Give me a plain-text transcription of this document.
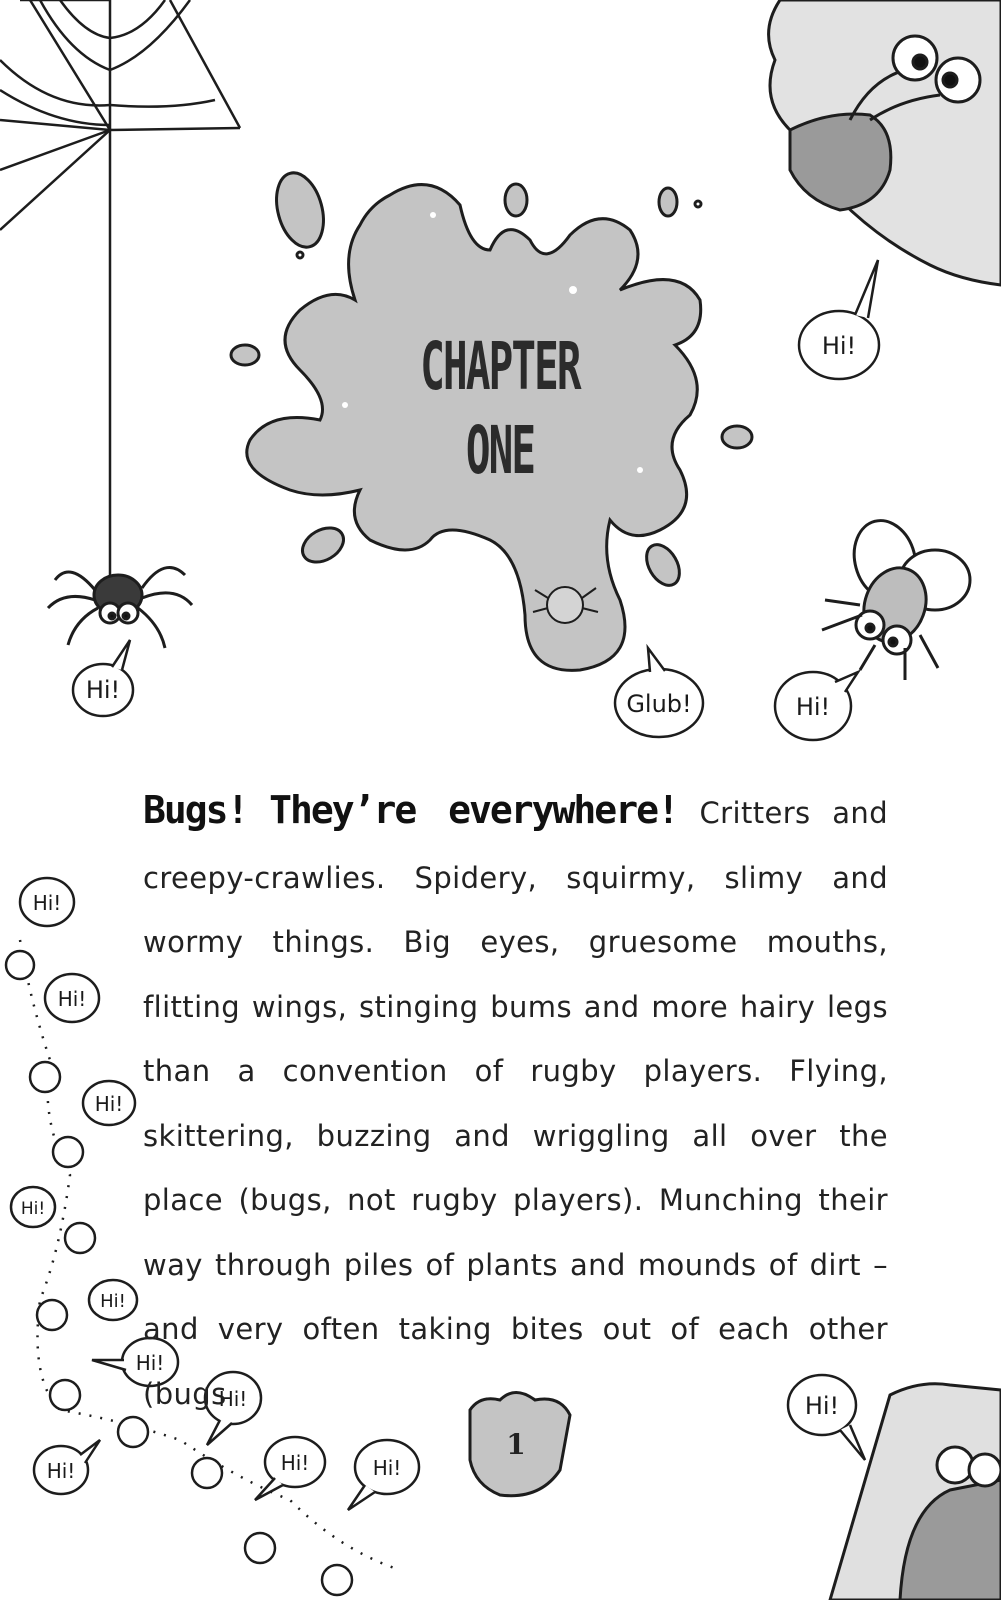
Hi!
Hi!
Glub!	Hi!
Hi!
Hi!
Hi!
Hi!
Hi!
Hi!
Hi!
Hi!	Hi!	Hi!
Hi!
CHAPTER
ONE
Bugs! They’re everywhere! Critters and creepy-crawlies. Spidery, squirmy, slimy and wormy things. Big eyes, gruesome mouths, flitting wings, stinging bums and more hairy legs than a convention of rugby players. Flying, skittering, buzzing and wriggling all over the place (bugs, not rugby players). Munching their way through piles of plants and mounds of dirt – and very often taking bites out of each other (bugs
1
